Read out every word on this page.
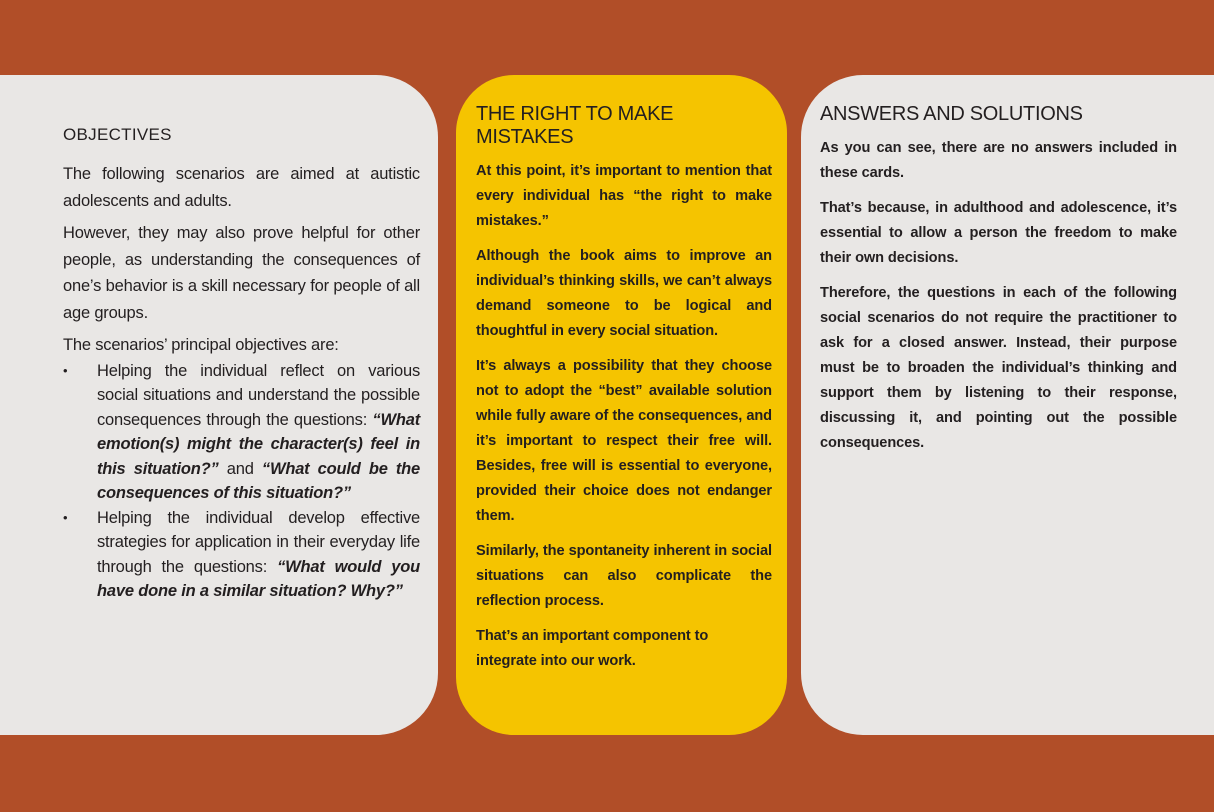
OBJECTIVES

The following scenarios are aimed at autistic adolescents and adults.

However, they may also prove helpful for other people, as understanding the consequences of one’s behavior is a skill necessary for people of all age groups.

The scenarios’ principal objectives are:

• Helping the individual reflect on various social situations and understand the possible consequences through the questions: “What emotion(s) might the character(s) feel in this situation?” and “What could be the consequences of this situation?”
• Helping the individual develop effective strategies for application in their everyday life through the questions: “What would you have done in a similar situation? Why?”
THE RIGHT TO MAKE MISTAKES

At this point, it’s important to mention that every individual has “the right to make mistakes.”

Although the book aims to improve an individual’s thinking skills, we can’t always demand someone to be logical and thoughtful in every social situation.

It’s always a possibility that they choose not to adopt the “best” available solution while fully aware of the consequences, and it’s important to respect their free will. Besides, free will is essential to everyone, provided their choice does not endanger them.

Similarly, the spontaneity inherent in social situations can also complicate the reflection process.

That’s an important component to integrate into our work.

ANSWERS AND SOLUTIONS

As you can see, there are no answers included in these cards.

That’s because, in adulthood and adolescence, it’s essential to allow a person the freedom to make their own decisions.

Therefore, the questions in each of the following social scenarios do not require the practitioner to ask for a closed answer. Instead, their purpose must be to broaden the individual’s thinking and support them by listening to their response, discussing it, and pointing out the possible consequences.
